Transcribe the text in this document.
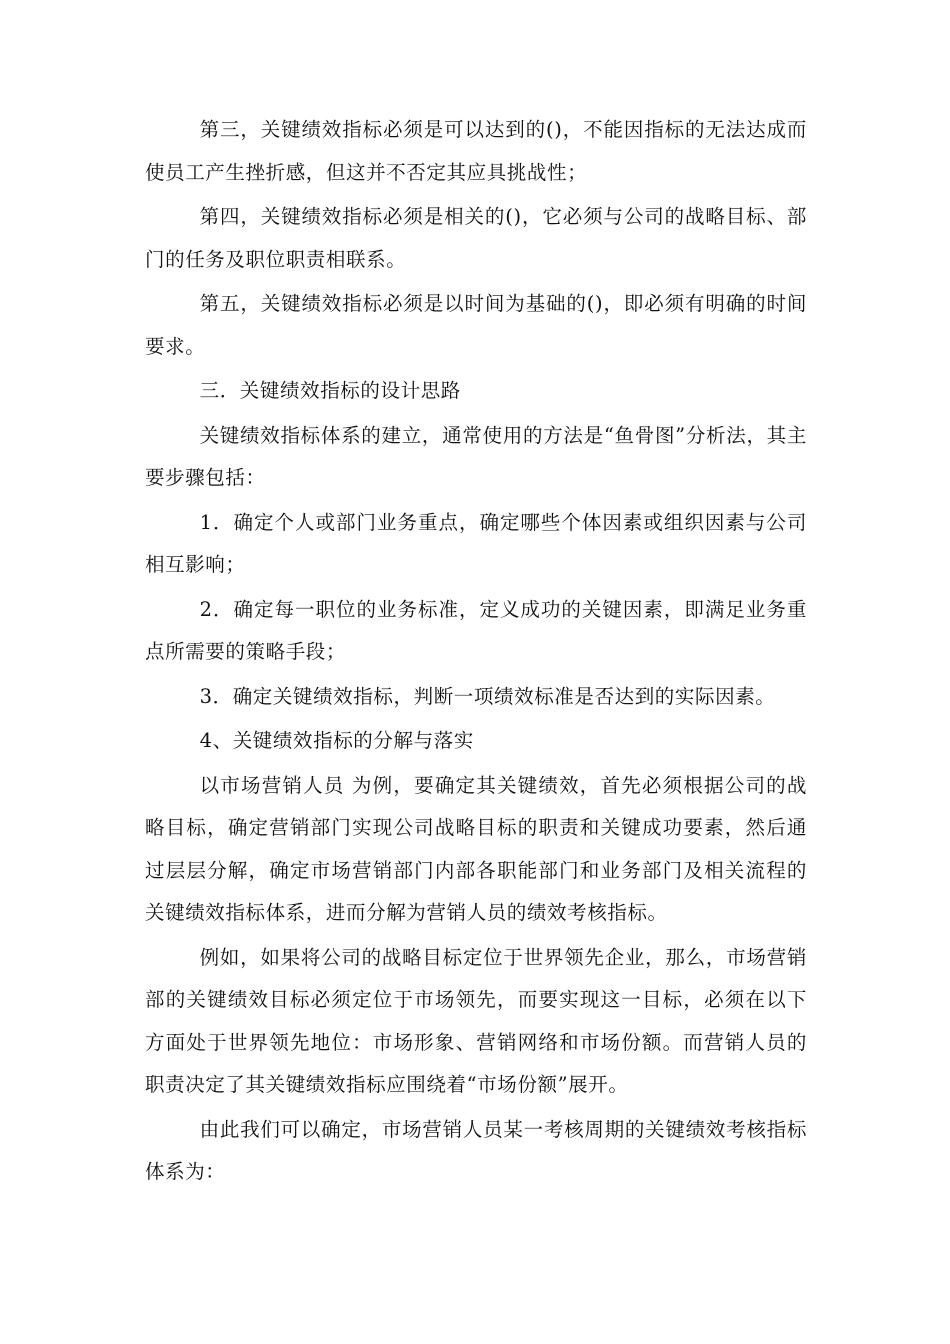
第三，关键绩效指标必须是可以达到的()，不能因指标的无法达成而使员工产生挫折感，但这并不否定其应具挑战性；

第四，关键绩效指标必须是相关的()，它必须与公司的战略目标、部门的任务及职位职责相联系。

第五，关键绩效指标必须是以时间为基础的()，即必须有明确的时间要求。

三．关键绩效指标的设计思路

关键绩效指标体系的建立，通常使用的方法是“鱼骨图”分析法，其主要步骤包括：

1．确定个人或部门业务重点，确定哪些个体因素或组织因素与公司相互影响；

2．确定每一职位的业务标准，定义成功的关键因素，即满足业务重点所需要的策略手段；

3．确定关键绩效指标，判断一项绩效标准是否达到的实际因素。

4、关键绩效指标的分解与落实

以市场营销人员 为例，要确定其关键绩效，首先必须根据公司的战略目标，确定营销部门实现公司战略目标的职责和关键成功要素，然后通过层层分解，确定市场营销部门内部各职能部门和业务部门及相关流程的关键绩效指标体系，进而分解为营销人员的绩效考核指标。

例如，如果将公司的战略目标定位于世界领先企业，那么，市场营销部的关键绩效目标必须定位于市场领先，而要实现这一目标，必须在以下方面处于世界领先地位：市场形象、营销网络和市场份额。而营销人员的职责决定了其关键绩效指标应围绕着“市场份额”展开。

由此我们可以确定，市场营销人员某一考核周期的关键绩效考核指标体系为：
